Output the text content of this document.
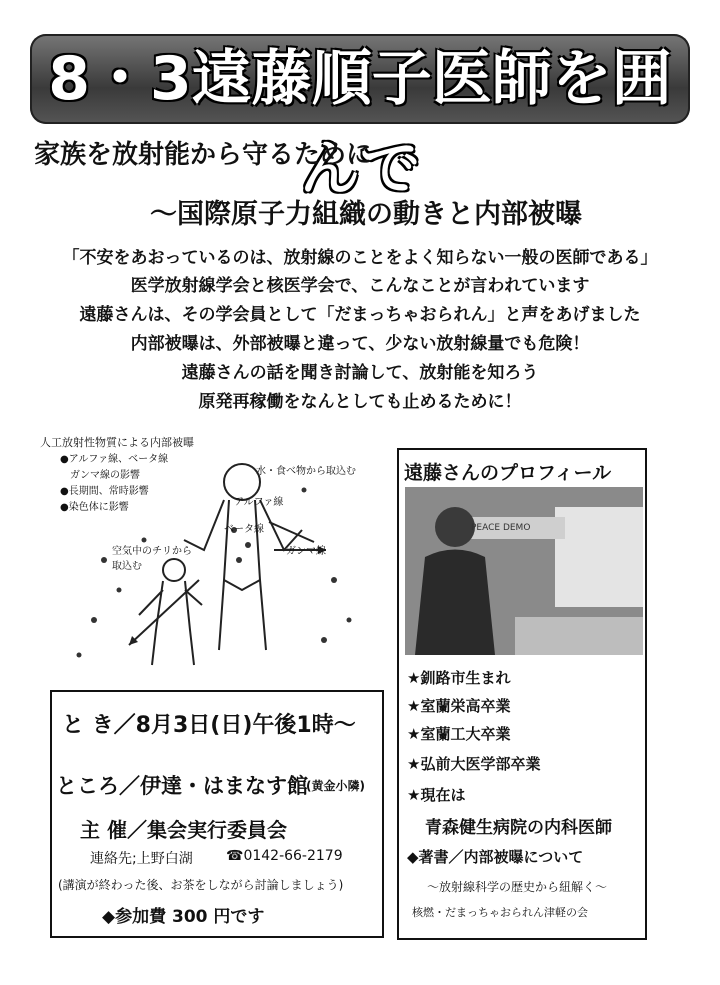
8・3遠藤順子医師を囲んで
家族を放射能から守るために
～国際原子力組織の動きと内部被曝
「不安をあおっているのは、放射線のことをよく知らない一般の医師である」
医学放射線学会と核医学会で、こんなことが言われています
遠藤さんは、その学会員として「だまっちゃおられん」と声をあげました
内部被曝は、外部被曝と違って、少ない放射線量でも危険！
遠藤さんの話を聞き討論して、放射能を知ろう
原発再稼働をなんとしても止めるために！
人工放射性物質による内部被曝
●アルファ線、ベータ線
ガンマ線の影響
●長期間、常時影響
●染色体に影響
水・食べ物から取込む
アルファ線
ベータ線
ガンマ線
空気中のチリから取込む
遠藤さんのプロフィール
PEACE DEMO
★釧路市生まれ
★室蘭栄高卒業
★室蘭工大卒業
★弘前大医学部卒業
★現在は
青森健生病院の内科医師
◆著書／内部被曝について
～放射線科学の歴史から紐解く～
核燃・だまっちゃおられん津軽の会
と き／8月3日(日)午後1時～
ところ／伊達・はまなす館
(黄金小隣)
主 催／集会実行委員会
連絡先;上野白湖 ☎0142-66-2179
(講演が終わった後、お茶をしながら討論しましょう)
◆参加費 300 円です
